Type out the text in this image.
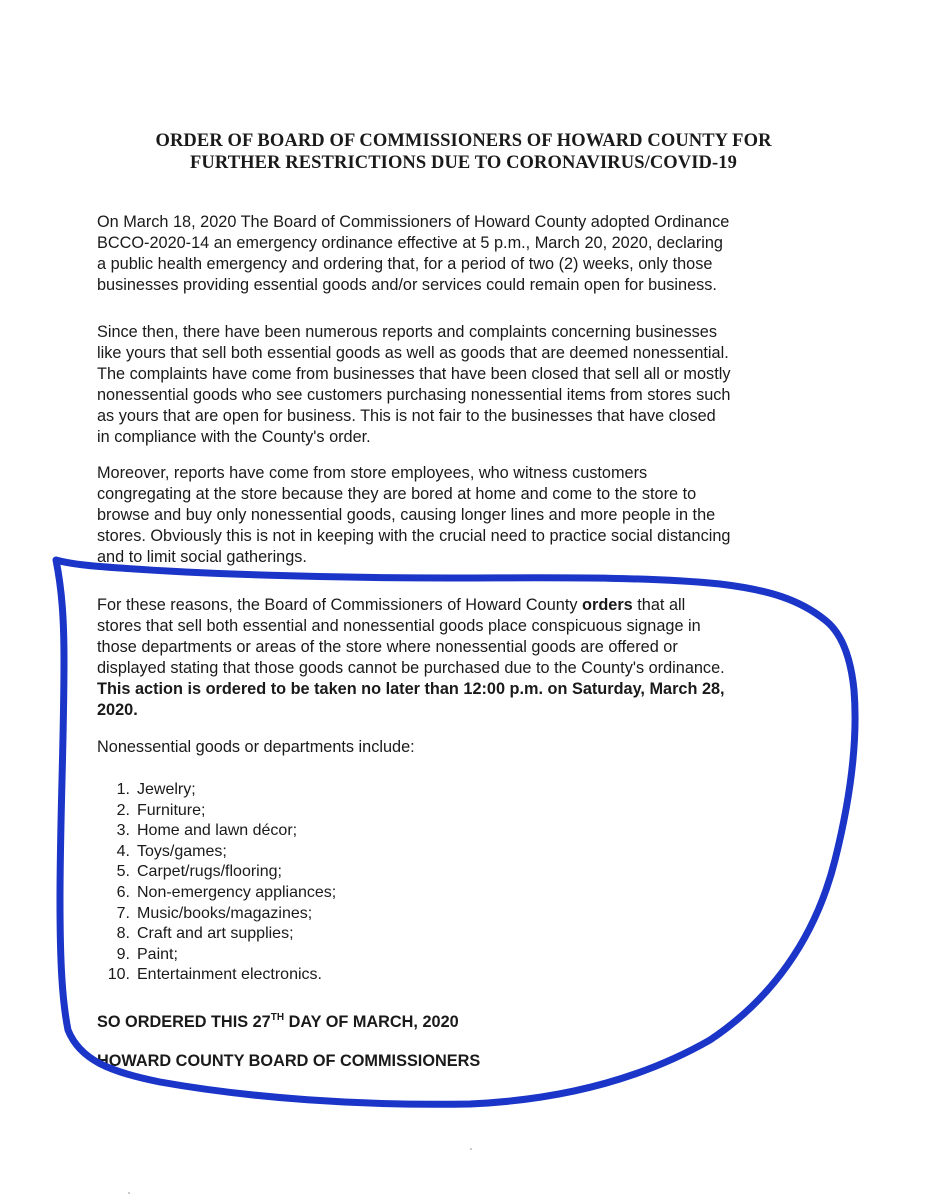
ORDER OF BOARD OF COMMISSIONERS OF HOWARD COUNTY FOR
FURTHER RESTRICTIONS DUE TO CORONAVIRUS/COVID-19
On March 18, 2020 The Board of Commissioners of Howard County adopted Ordinance
BCCO-2020-14 an emergency ordinance effective at 5 p.m., March 20, 2020, declaring
a public health emergency and ordering that, for a period of two (2) weeks, only those
businesses providing essential goods and/or services could remain open for business.
Since then, there have been numerous reports and complaints concerning businesses
like yours that sell both essential goods as well as goods that are deemed nonessential.
The complaints have come from businesses that have been closed that sell all or mostly
nonessential goods who see customers purchasing nonessential items from stores such
as yours that are open for business. This is not fair to the businesses that have closed
in compliance with the County's order.
Moreover, reports have come from store employees, who witness customers
congregating at the store because they are bored at home and come to the store to
browse and buy only nonessential goods, causing longer lines and more people in the
stores. Obviously this is not in keeping with the crucial need to practice social distancing
and to limit social gatherings.
For these reasons, the Board of Commissioners of Howard County orders that all
stores that sell both essential and nonessential goods place conspicuous signage in
those departments or areas of the store where nonessential goods are offered or
displayed stating that those goods cannot be purchased due to the County's ordinance.
This action is ordered to be taken no later than 12:00 p.m. on Saturday, March 28,
2020.
Nonessential goods or departments include:
1. Jewelry;
2. Furniture;
3. Home and lawn décor;
4. Toys/games;
5. Carpet/rugs/flooring;
6. Non-emergency appliances;
7. Music/books/magazines;
8. Craft and art supplies;
9. Paint;
10. Entertainment electronics.
SO ORDERED THIS 27TH DAY OF MARCH, 2020
HOWARD COUNTY BOARD OF COMMISSIONERS
